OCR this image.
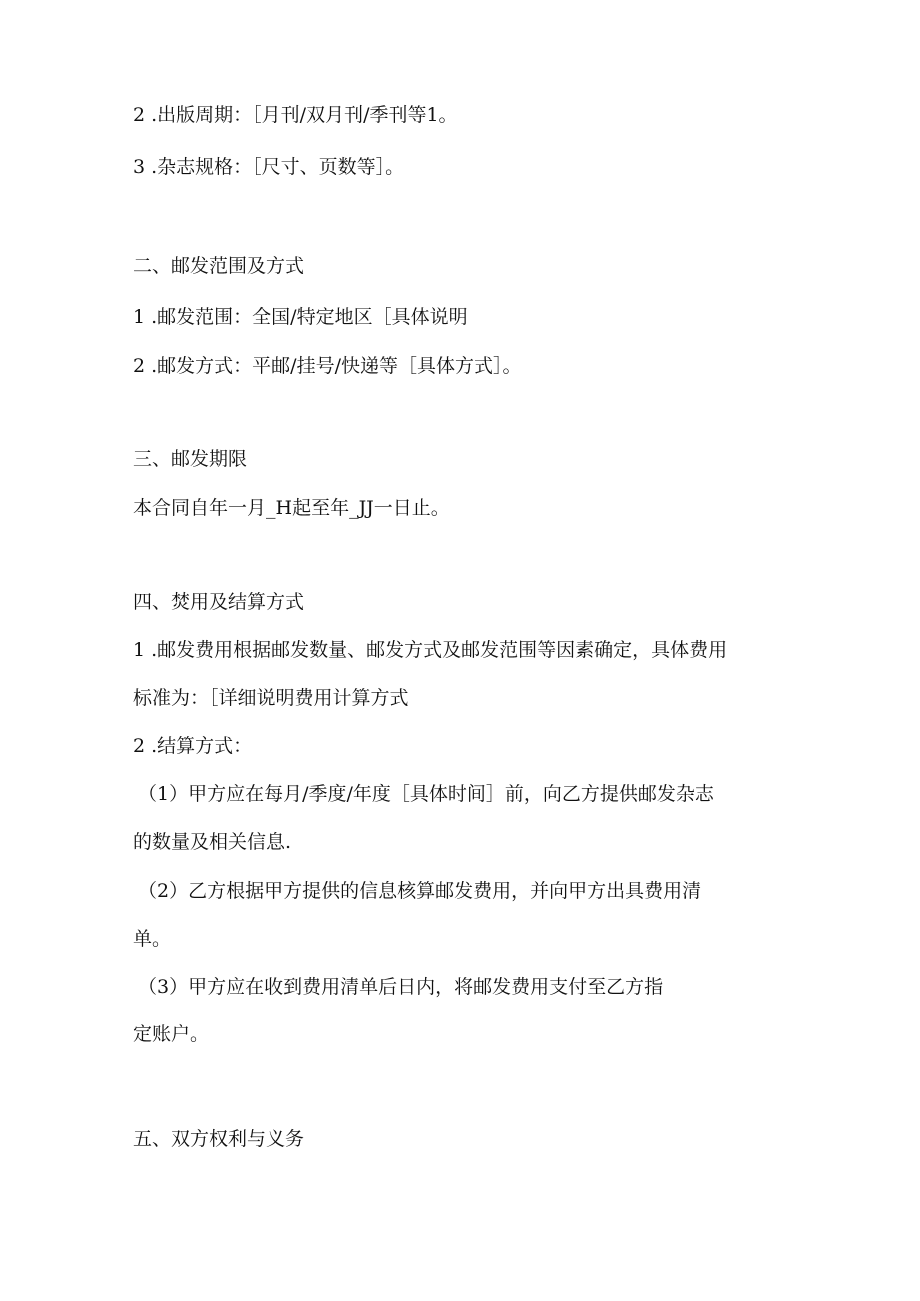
2 .出版周期：［月刊/双月刊/季刊等1。
3 .杂志规格：［尺寸、页数等］。
二、邮发范围及方式
1 .邮发范围：全国/特定地区［具体说明
2 .邮发方式：平邮/挂号/快递等［具体方式］。
三、邮发期限
本合同自年一月_H起至年_JJ一日止。
四、焚用及结算方式
1 .邮发费用根据邮发数量、邮发方式及邮发范围等因素确定，具体费用
标准为：［详细说明费用计算方式
2 .结算方式：
（1）甲方应在每月/季度/年度［具体时间］前，向乙方提供邮发杂志
的数量及相关信息.
（2）乙方根据甲方提供的信息核算邮发费用，并向甲方出具费用清
单。
（3）甲方应在收到费用清单后日内，将邮发费用支付至乙方指
定账户。
五、双方权利与义务
